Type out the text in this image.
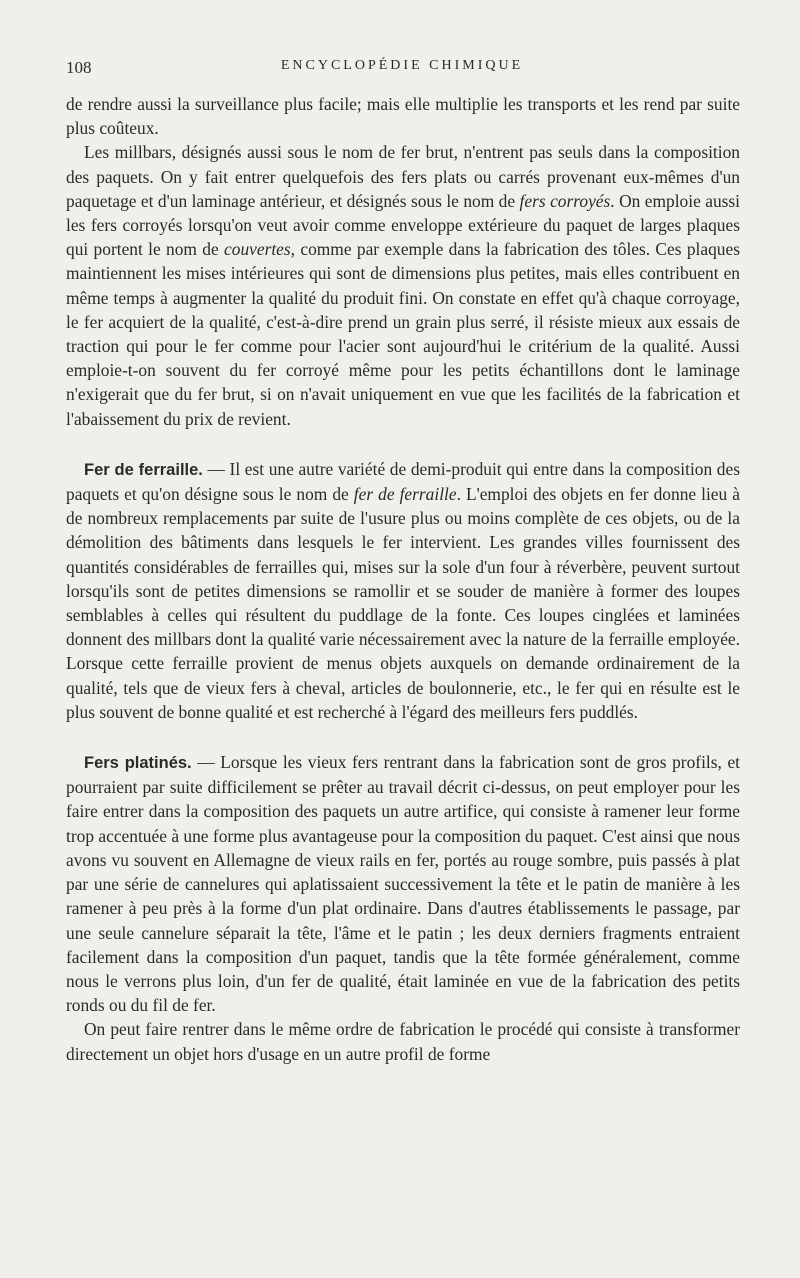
108	ENCYCLOPÉDIE CHIMIQUE

de rendre aussi la surveillance plus facile; mais elle multiplie les transports et les rend par suite plus coûteux.

Les millbars, désignés aussi sous le nom de fer brut, n'entrent pas seuls dans la composition des paquets. On y fait entrer quelquefois des fers plats ou carrés provenant eux-mêmes d'un paquetage et d'un laminage antérieur, et désignés sous le nom de fers corroyés. On emploie aussi les fers corroyés lorsqu'on veut avoir comme enveloppe extérieure du paquet de larges plaques qui portent le nom de couvertes, comme par exemple dans la fabrication des tôles. Ces plaques maintiennent les mises intérieures qui sont de dimensions plus petites, mais elles contribuent en même temps à augmenter la qualité du produit fini. On constate en effet qu'à chaque corroyage, le fer acquiert de la qualité, c'est-à-dire prend un grain plus serré, il résiste mieux aux essais de traction qui pour le fer comme pour l'acier sont aujourd'hui le critérium de la qualité. Aussi emploie-t-on souvent du fer corroyé même pour les petits échantillons dont le laminage n'exigerait que du fer brut, si on n'avait uniquement en vue que les facilités de la fabrication et l'abaissement du prix de revient.

Fer de ferraille. — Il est une autre variété de demi-produit qui entre dans la composition des paquets et qu'on désigne sous le nom de fer de ferraille. L'emploi des objets en fer donne lieu à de nombreux remplacements par suite de l'usure plus ou moins complète de ces objets, ou de la démolition des bâtiments dans lesquels le fer intervient. Les grandes villes fournissent des quantités considérables de ferrailles qui, mises sur la sole d'un four à réverbère, peuvent surtout lorsqu'ils sont de petites dimensions se ramollir et se souder de manière à former des loupes semblables à celles qui résultent du puddlage de la fonte. Ces loupes cinglées et laminées donnent des millbars dont la qualité varie nécessairement avec la nature de la ferraille employée. Lorsque cette ferraille provient de menus objets auxquels on demande ordinairement de la qualité, tels que de vieux fers à cheval, articles de boulonnerie, etc., le fer qui en résulte est le plus souvent de bonne qualité et est recherché à l'égard des meilleurs fers puddlés.

Fers platinés. — Lorsque les vieux fers rentrant dans la fabrication sont de gros profils, et pourraient par suite difficilement se prêter au travail décrit ci-dessus, on peut employer pour les faire entrer dans la composition des paquets un autre artifice, qui consiste à ramener leur forme trop accentuée à une forme plus avantageuse pour la composition du paquet. C'est ainsi que nous avons vu souvent en Allemagne de vieux rails en fer, portés au rouge sombre, puis passés à plat par une série de cannelures qui aplatissaient successivement la tête et le patin de manière à les ramener à peu près à la forme d'un plat ordinaire. Dans d'autres établissements le passage, par une seule cannelure séparait la tête, l'âme et le patin ; les deux derniers fragments entraient facilement dans la composition d'un paquet, tandis que la tête formée généralement, comme nous le verrons plus loin, d'un fer de qualité, était laminée en vue de la fabrication des petits ronds ou du fil de fer.

On peut faire rentrer dans le même ordre de fabrication le procédé qui consiste à transformer directement un objet hors d'usage en un autre profil de forme
